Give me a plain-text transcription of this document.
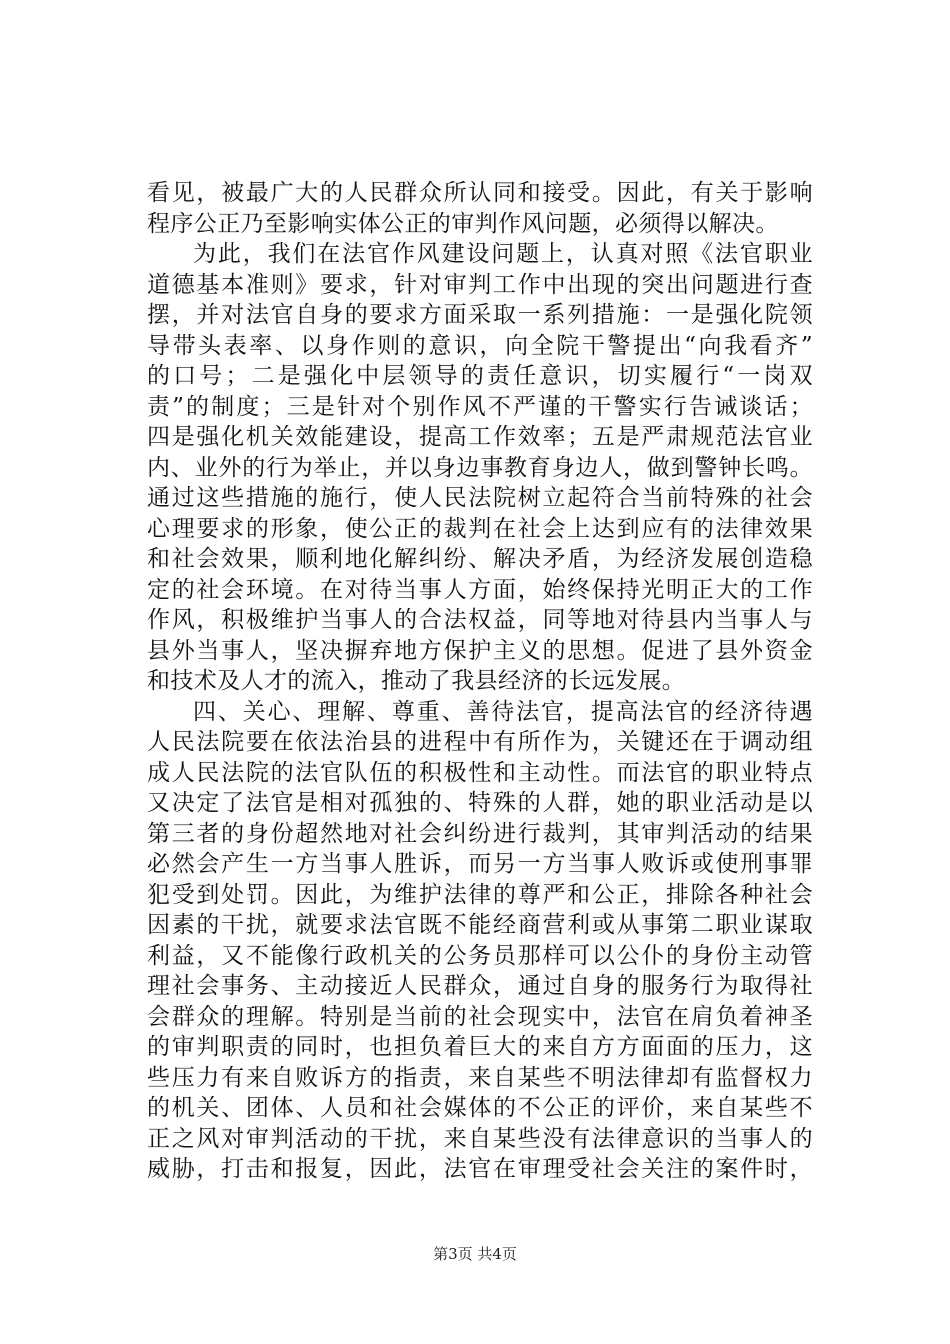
看见，被最广大的人民群众所认同和接受。因此，有关于影响
程序公正乃至影响实体公正的审判作风问题，必须得以解决。
为此，我们在法官作风建设问题上，认真对照《法官职业
道德基本准则》要求，针对审判工作中出现的突出问题进行查
摆，并对法官自身的要求方面采取一系列措施：一是强化院领
导带头表率、以身作则的意识，向全院干警提出“向我看齐”
的口号；二是强化中层领导的责任意识，切实履行“一岗双
责”的制度；三是针对个别作风不严谨的干警实行告诫谈话；
四是强化机关效能建设，提高工作效率；五是严肃规范法官业
内、业外的行为举止，并以身边事教育身边人，做到警钟长鸣。
通过这些措施的施行，使人民法院树立起符合当前特殊的社会
心理要求的形象，使公正的裁判在社会上达到应有的法律效果
和社会效果，顺利地化解纠纷、解决矛盾，为经济发展创造稳
定的社会环境。在对待当事人方面，始终保持光明正大的工作
作风，积极维护当事人的合法权益，同等地对待县内当事人与
县外当事人，坚决摒弃地方保护主义的思想。促进了县外资金
和技术及人才的流入，推动了我县经济的长远发展。
四、关心、理解、尊重、善待法官，提高法官的经济待遇
人民法院要在依法治县的进程中有所作为，关键还在于调动组
成人民法院的法官队伍的积极性和主动性。而法官的职业特点
又决定了法官是相对孤独的、特殊的人群，她的职业活动是以
第三者的身份超然地对社会纠纷进行裁判，其审判活动的结果
必然会产生一方当事人胜诉，而另一方当事人败诉或使刑事罪
犯受到处罚。因此，为维护法律的尊严和公正，排除各种社会
因素的干扰，就要求法官既不能经商营利或从事第二职业谋取
利益，又不能像行政机关的公务员那样可以公仆的身份主动管
理社会事务、主动接近人民群众，通过自身的服务行为取得社
会群众的理解。特别是当前的社会现实中，法官在肩负着神圣
的审判职责的同时，也担负着巨大的来自方方面面的压力，这
些压力有来自败诉方的指责，来自某些不明法律却有监督权力
的机关、团体、人员和社会媒体的不公正的评价，来自某些不
正之风对审判活动的干扰，来自某些没有法律意识的当事人的
威胁，打击和报复，因此，法官在审理受社会关注的案件时，
第3页 共4页
